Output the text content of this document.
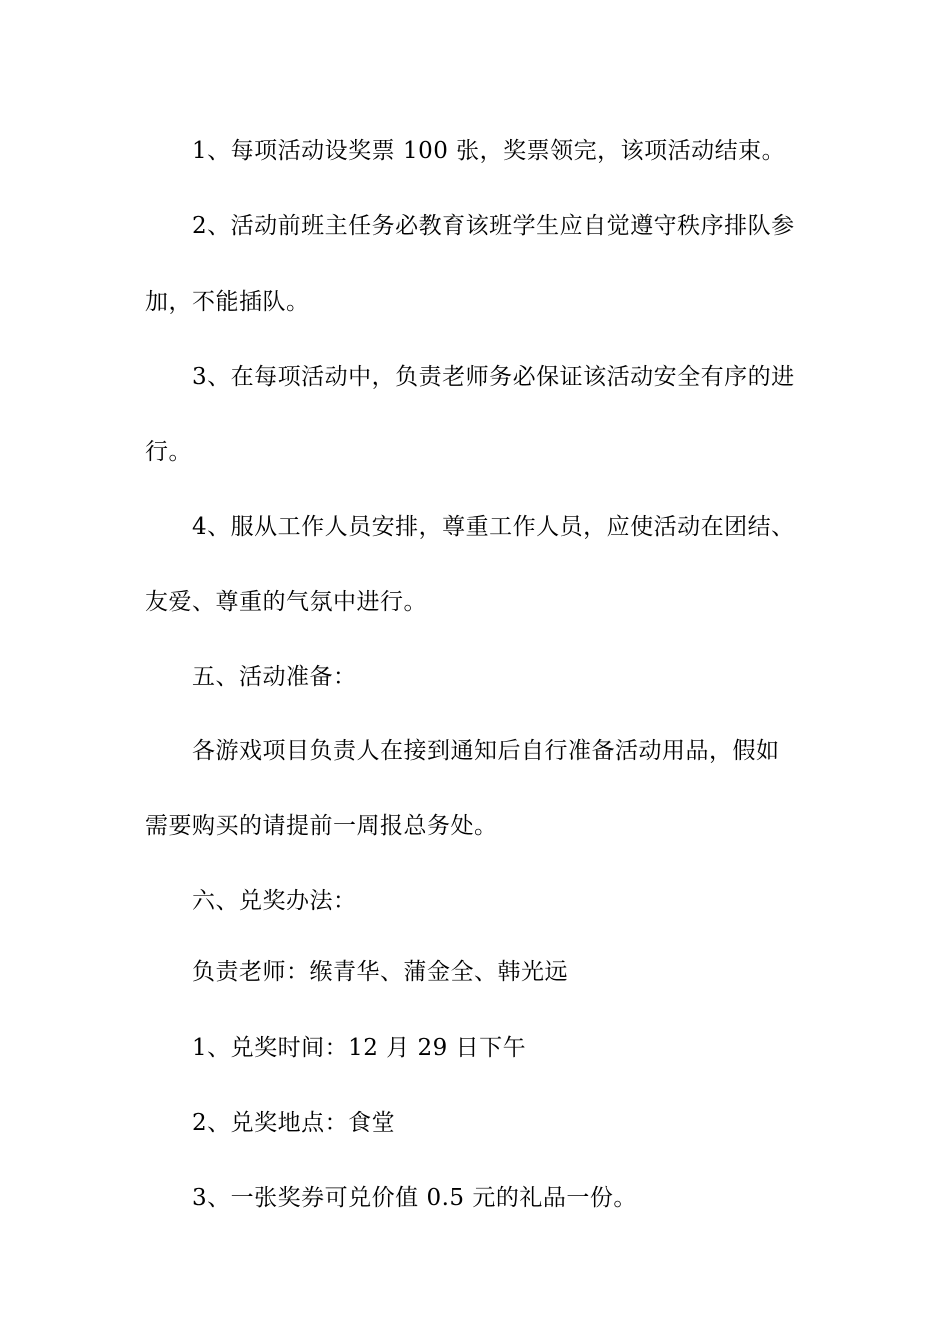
1、每项活动设奖票 100 张，奖票领完，该项活动结束。
2、活动前班主任务必教育该班学生应自觉遵守秩序排队参
加，不能插队。
3、在每项活动中，负责老师务必保证该活动安全有序的进
行。
4、服从工作人员安排，尊重工作人员，应使活动在团结、
友爱、尊重的气氛中进行。
五、活动准备：
各游戏项目负责人在接到通知后自行准备活动用品，假如
需要购买的请提前一周报总务处。
六、兑奖办法：
负责老师：缑青华、蒲金全、韩光远
1、兑奖时间：12 月 29 日下午
2、兑奖地点：食堂
3、一张奖券可兑价值 0.5 元的礼品一份。
